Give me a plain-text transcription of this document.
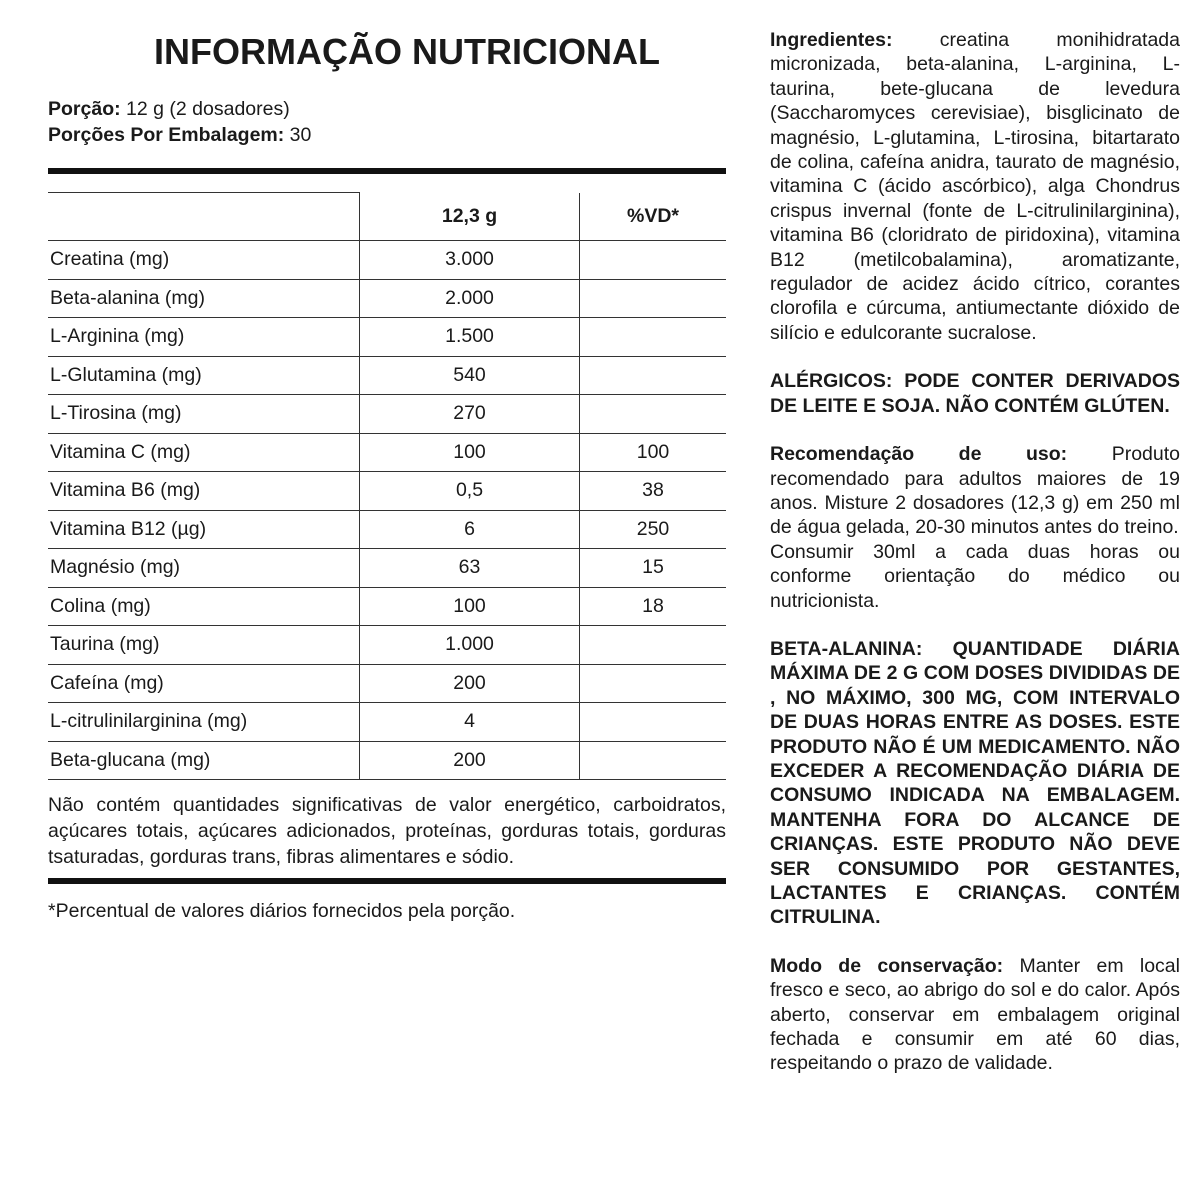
INFORMAÇÃO NUTRICIONAL
Porção: 12 g (2 dosadores)
Porções Por Embalagem: 30
	12,3 g	%VD*
Creatina (mg)	3.000	
Beta-alanina (mg)	2.000	
L-Arginina (mg)	1.500	
L-Glutamina (mg)	540	
L-Tirosina (mg)	270	
Vitamina C (mg)	100	100
Vitamina B6 (mg)	0,5	38
Vitamina B12 (µg)	6	250
Magnésio (mg)	63	15
Colina (mg)	100	18
Taurina (mg)	1.000	
Cafeína (mg)	200	
L-citrulinilarginina (mg)	4	
Beta-glucana (mg)	200	
Não contém quantidades significativas de valor energético, carboidratos, açúcares totais, açúcares adicionados, proteínas, gorduras totais, gorduras tsaturadas, gorduras trans, fibras alimentares e sódio.
*Percentual de valores diários fornecidos pela porção.

Ingredientes: creatina monihidratada micronizada, beta-alanina, L-arginina, L-taurina, bete-glucana de levedura (Saccharomyces cerevisiae), bisglicinato de magnésio, L-glutamina, L-tirosina, bitartarato de colina, cafeína anidra, taurato de magnésio, vitamina C (ácido ascórbico), alga Chondrus crispus invernal (fonte de L-citrulinilarginina), vitamina B6 (cloridrato de piridoxina), vitamina B12 (metilcobalamina), aromatizante, regulador de acidez ácido cítrico, corantes clorofila e cúrcuma, antiumectante dióxido de silício e edulcorante sucralose.

ALÉRGICOS: PODE CONTER DERIVADOS DE LEITE E SOJA. NÃO CONTÉM GLÚTEN.

Recomendação de uso: Produto recomendado para adultos maiores de 19 anos. Misture 2 dosadores (12,3 g) em 250 ml de água gelada, 20-30 minutos antes do treino.
Consumir 30ml a cada duas horas ou conforme orientação do médico ou nutricionista.

BETA-ALANINA: QUANTIDADE DIÁRIA MÁXIMA DE 2 G COM DOSES DIVIDIDAS DE , NO MÁXIMO, 300 MG, COM INTERVALO DE DUAS HORAS ENTRE AS DOSES. ESTE PRODUTO NÃO É UM MEDICAMENTO. NÃO EXCEDER A RECOMENDAÇÃO DIÁRIA DE CONSUMO INDICADA NA EMBALAGEM. MANTENHA FORA DO ALCANCE DE CRIANÇAS. ESTE PRODUTO NÃO DEVE SER CONSUMIDO POR GESTANTES, LACTANTES E CRIANÇAS. CONTÉM CITRULINA.

Modo de conservação: Manter em local fresco e seco, ao abrigo do sol e do calor. Após aberto, conservar em embalagem original fechada e consumir em até 60 dias, respeitando o prazo de validade.
